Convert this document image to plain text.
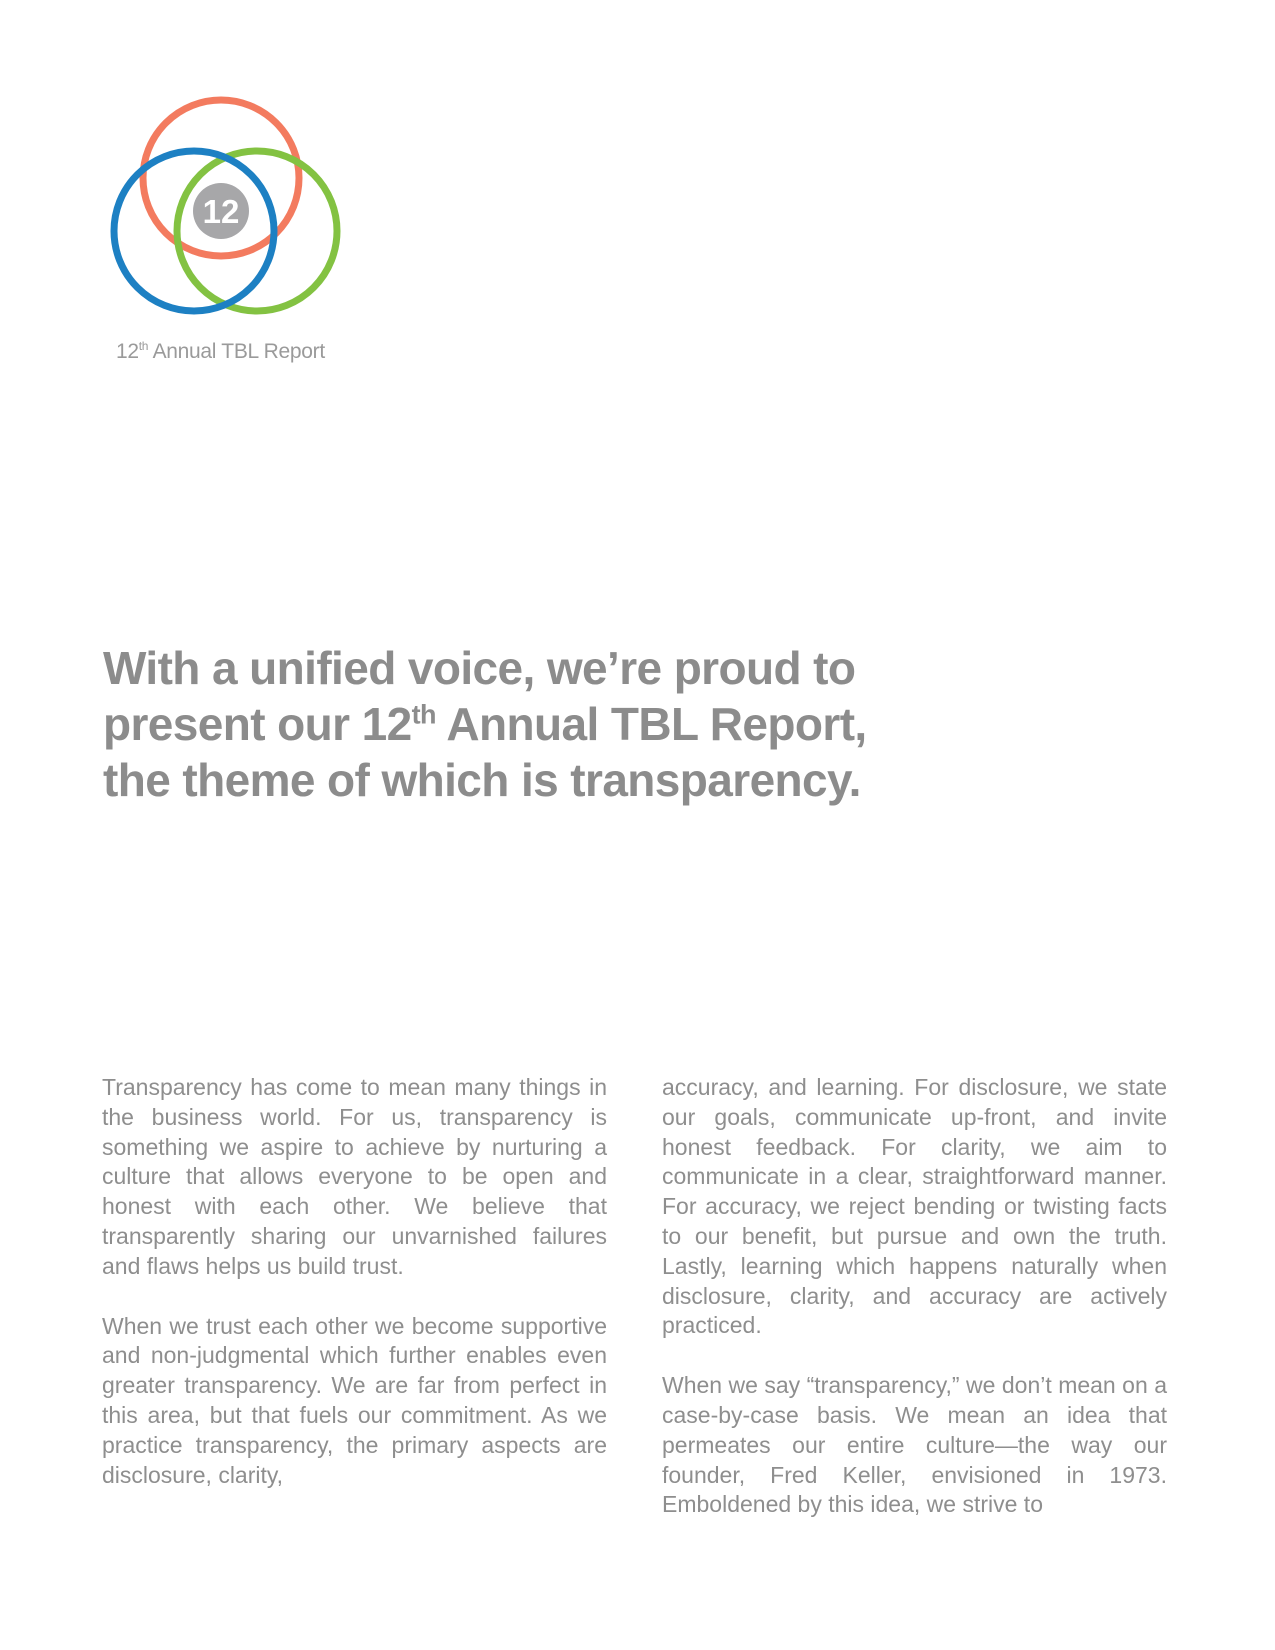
12
12th Annual TBL Report
With a unified voice, we’re proud to
present our 12th Annual TBL Report,
the theme of which is transparency.

Transparency has come to mean many things in the business world. For us, transparency is something we aspire to achieve by nurturing a culture that allows everyone to be open and honest with each other. We believe that transparently sharing our unvarnished failures and flaws helps us build trust.

When we trust each other we become supportive and non-judgmental which further enables even greater transparency. We are far from perfect in this area, but that fuels our commitment. As we practice transparency, the primary aspects are disclosure, clarity,

accuracy, and learning. For disclosure, we state our goals, communicate up-front, and invite honest feedback. For clarity, we aim to communicate in a clear, straightforward manner. For accuracy, we reject bending or twisting facts to our benefit, but pursue and own the truth. Lastly, learning which happens naturally when disclosure, clarity, and accuracy are actively practiced.

When we say “transparency,” we don’t mean on a case-by-case basis. We mean an idea that permeates our entire culture—the way our founder, Fred Keller, envisioned in 1973. Emboldened by this idea, we strive to
